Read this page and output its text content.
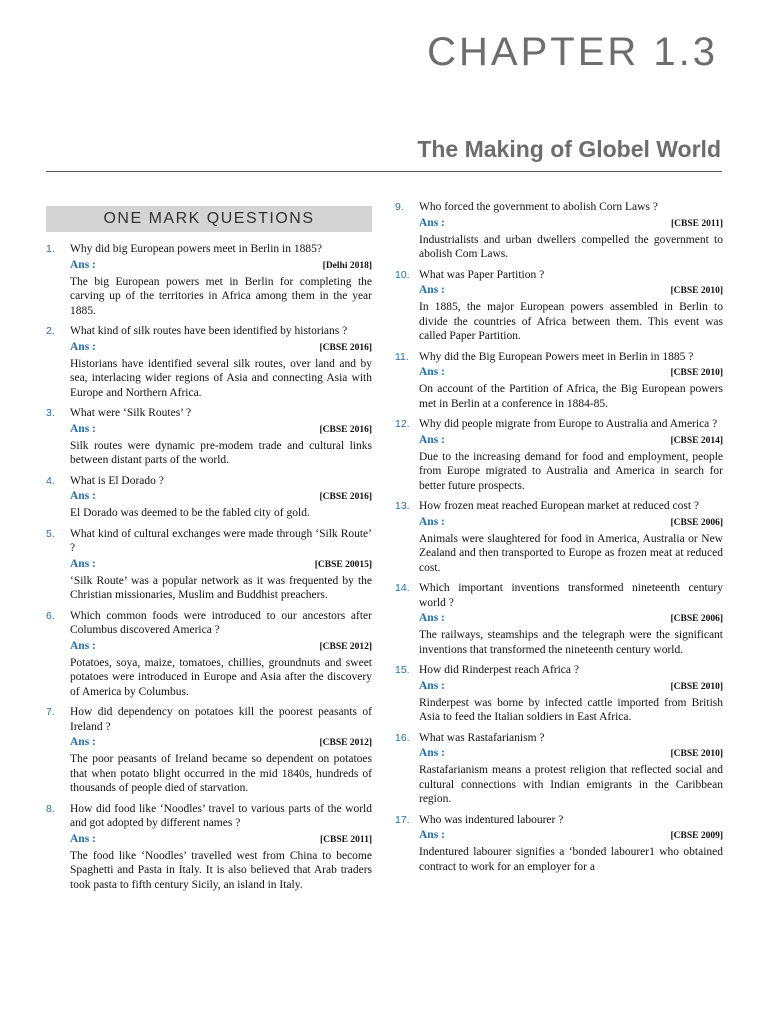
CHAPTER 1.3
The Making of Globel World
ONE MARK QUESTIONS
1. Why did big European powers meet in Berlin in 1885?

Ans :	[Delhi 2018]

The big European powers met in Berlin for completing the carving up of the territories in Africa among them in the year 1885.

2. What kind of silk routes have been identified by historians ?

Ans :	[CBSE 2016]

Historians have identified several silk routes, over land and by sea, interlacing wider regions of Asia and connecting Asia with Europe and Northern Africa.

3. What were ‘Silk Routes’ ?

Ans :	[CBSE 2016]

Silk routes were dynamic pre-modem trade and cultural links between distant parts of the world.

4. What is El Dorado ?

Ans :	[CBSE 2016]

El Dorado was deemed to be the fabled city of gold.

5. What kind of cultural exchanges were made through ‘Silk Route’ ?

Ans :	[CBSE 20015]

‘Silk Route’ was a popular network as it was frequented by the Christian missionaries, Muslim and Buddhist preachers.

6. Which common foods were introduced to our ancestors after Columbus discovered America ?

Ans :	[CBSE 2012]

Potatoes, soya, maize, tomatoes, chillies, groundnuts and sweet potatoes were introduced in Europe and Asia after the discovery of America by Columbus.

7. How did dependency on potatoes kill the poorest peasants of Ireland ?

Ans :	[CBSE 2012]

The poor peasants of Ireland became so dependent on potatoes that when potato blight occurred in the mid 1840s, hundreds of thousands of people died of starvation.

8. How did food like ‘Noodles’ travel to various parts of the world and got adopted by different names ?

Ans :	[CBSE 2011]

The food like ‘Noodles’ travelled west from China to become Spaghetti and Pasta in Italy. It is also believed that Arab traders took pasta to fifth century Sicily, an island in Italy.

9. Who forced the government to abolish Corn Laws ?

Ans :	[CBSE 2011]

Industrialists and urban dwellers compelled the government to abolish Com Laws.

10. What was Paper Partition ?

Ans :	[CBSE 2010]

In 1885, the major European powers assembled in Berlin to divide the countries of Africa between them. This event was called Paper Partition.

11. Why did the Big European Powers meet in Berlin in 1885 ?

Ans :	[CBSE 2010]

On account of the Partition of Africa, the Big European powers met in Berlin at a conference in 1884-85.

12. Why did people migrate from Europe to Australia and America ?

Ans :	[CBSE 2014]

Due to the increasing demand for food and employment, people from Europe migrated to Australia and America in search for better future prospects.

13. How frozen meat reached European market at reduced cost ?

Ans :	[CBSE 2006]

Animals were slaughtered for food in America, Australia or New Zealand and then transported to Europe as frozen meat at reduced cost.

14. Which important inventions transformed nineteenth century world ?

Ans :	[CBSE 2006]

The railways, steamships and the telegraph were the significant inventions that transformed the nineteenth century world.

15. How did Rinderpest reach Africa ?

Ans :	[CBSE 2010]

Rinderpest was borne by infected cattle imported from British Asia to feed the Italian soldiers in East Africa.

16. What was Rastafarianism ?

Ans :	[CBSE 2010]

Rastafarianism means a protest religion that reflected social and cultural connections with Indian emigrants in the Caribbean region.

17. Who was indentured labourer ?

Ans :	[CBSE 2009]

Indentured labourer signifies a ‘bonded labourer1 who obtained contract to work for an employer for a
